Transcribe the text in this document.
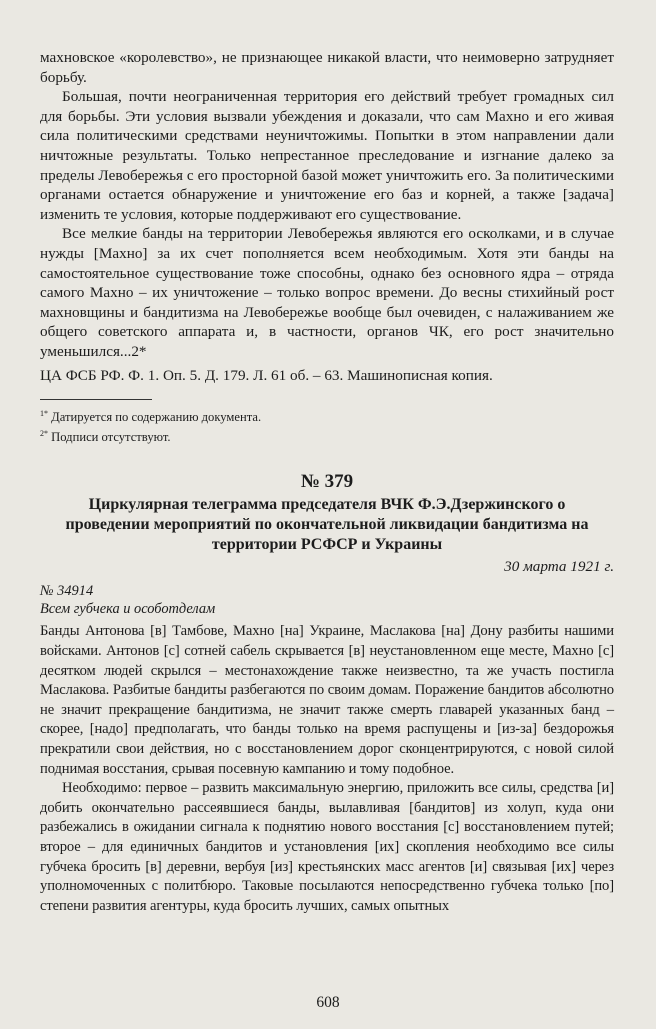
махновское «королевство», не признающее никакой власти, что неимоверно затрудняет борьбу.

Большая, почти неограниченная территория его действий требует громадных сил для борьбы. Эти условия вызвали убеждения и доказали, что сам Махно и его живая сила политическими средствами неуничтожимы. Попытки в этом направлении дали ничтожные результаты. Только непрестанное преследование и изгнание далеко за пределы Левобережья с его просторной базой может уничтожить его. За политическими органами остается обнаружение и уничтожение его баз и корней, а также [задача] изменить те условия, которые поддерживают его существование.

Все мелкие банды на территории Левобережья являются его осколками, и в случае нужды [Махно] за их счет пополняется всем необходимым. Хотя эти банды на самостоятельное существование тоже способны, однако без основного ядра – отряда самого Махно – их уничтожение – только вопрос времени. До весны стихийный рост махновщины и бандитизма на Левобережье вообще был очевиден, с налаживанием же общего советского аппарата и, в частности, органов ЧК, его рост значительно уменьшился...2*

ЦА ФСБ РФ. Ф. 1. Оп. 5. Д. 179. Л. 61 об. – 63. Машинописная копия.

$^{1*}$ Датируется по содержанию документа.

$^{2*}$ Подписи отсутствуют.

№ 379
Циркулярная телеграмма председателя ВЧК Ф.Э.Дзержинского о проведении мероприятий по окончательной ликвидации бандитизма на территории РСФСР и Украины
30 марта 1921 г.

№ 34914

Всем губчека и особотделам

Банды Антонова [в] Тамбове, Махно [на] Украине, Маслакова [на] Дону разбиты нашими войсками. Антонов [с] сотней сабель скрывается [в] неустановленном еще месте, Махно [с] десятком людей скрылся – местонахождение также неизвестно, та же участь постигла Маслакова. Разбитые бандиты разбегаются по своим домам. Поражение бандитов абсолютно не значит прекращение бандитизма, не значит также смерть главарей указанных банд – скорее, [надо] предполагать, что банды только на время распущены и [из-за] бездорожья прекратили свои действия, но с восстановлением дорог сконцентрируются, с новой силой поднимая восстания, срывая посевную кампанию и тому подобное.

Необходимо: первое – развить максимальную энергию, приложить все силы, средства [и] добить окончательно рассеявшиеся банды, вылавливая [бандитов] из холуп, куда они разбежались в ожидании сигнала к поднятию нового восстания [с] восстановлением путей; второе – для единичных бандитов и установления [их] скопления необходимо все силы губчека бросить [в] деревни, вербуя [из] крестьянских масс агентов [и] связывая [их] через уполномоченных с политбюро. Таковые посылаются непосредственно губчека только [по] степени развития агентуры, куда бросить лучших, самых опытных

608
